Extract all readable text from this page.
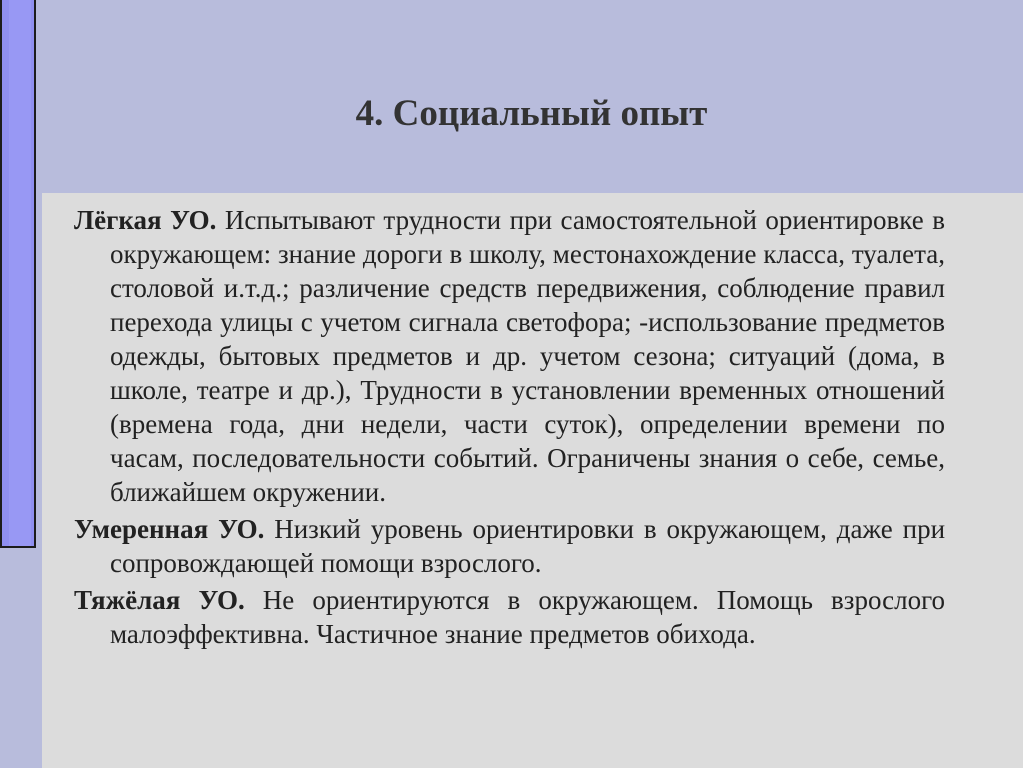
4. Социальный опыт

Лёгкая УО. Испытывают трудности при самостоятельной ориентировке в окружающем: знание дороги в школу, местонахождение класса, туалета, столовой и.т.д.; различение средств передвижения, соблюдение правил перехода улицы с учетом сигнала светофора; -использование предметов одежды, бытовых предметов и др. учетом сезона; ситуаций (дома, в школе, театре и др.), Трудности в установлении временных отношений (времена года, дни недели, части суток), определении времени по часам, последовательности событий. Ограничены знания о себе, семье, ближайшем окружении.

Умеренная УО. Низкий уровень ориентировки в окружающем, даже при сопровождающей помощи взрослого.

Тяжёлая УО. Не ориентируются в окружающем. Помощь взрослого малоэффективна. Частичное знание предметов обихода.
